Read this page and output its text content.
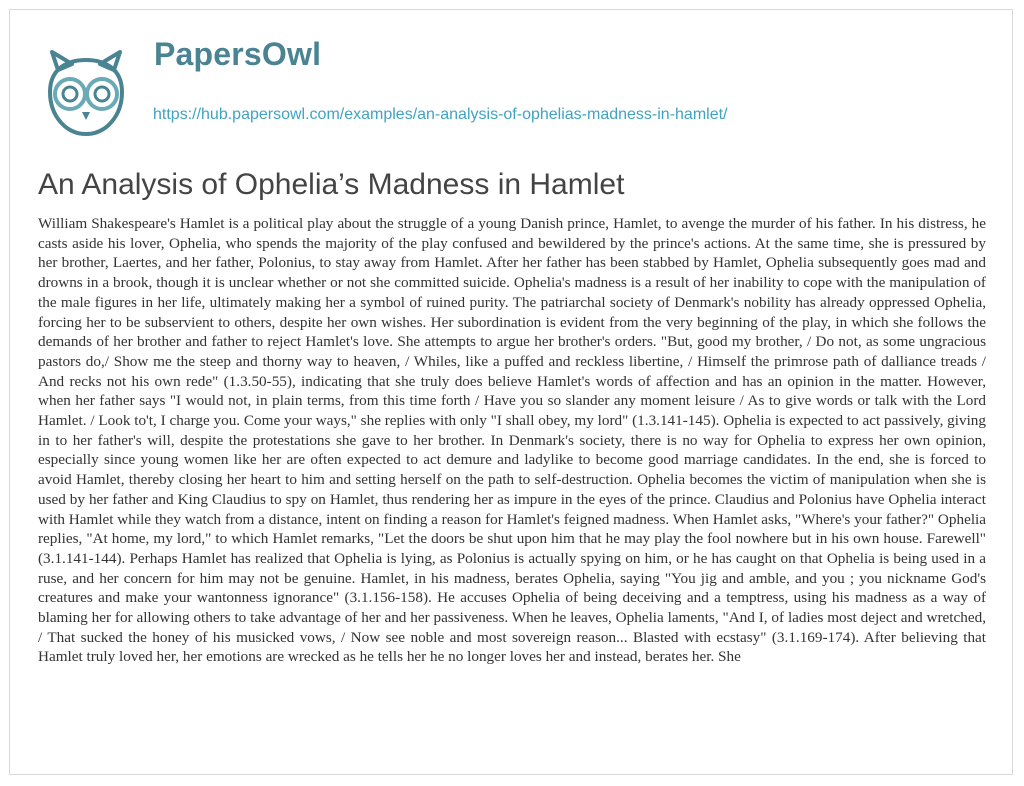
PapersOwl
https://hub.papersowl.com/examples/an-analysis-of-ophelias-madness-in-hamlet/
An Analysis of Ophelia’s Madness in Hamlet

William Shakespeare's Hamlet is a political play about the struggle of a young Danish prince, Hamlet, to avenge the murder of his father. In his distress, he casts aside his lover, Ophelia, who spends the majority of the play confused and bewildered by the prince's actions. At the same time, she is pressured by her brother, Laertes, and her father, Polonius, to stay away from Hamlet. After her father has been stabbed by Hamlet, Ophelia subsequently goes mad and drowns in a brook, though it is unclear whether or not she committed suicide. Ophelia's madness is a result of her inability to cope with the manipulation of the male figures in her life, ultimately making her a symbol of ruined purity. The patriarchal society of Denmark's nobility has already oppressed Ophelia, forcing her to be subservient to others, despite her own wishes. Her subordination is evident from the very beginning of the play, in which she follows the demands of her brother and father to reject Hamlet's love. She attempts to argue her brother's orders. "But, good my brother, / Do not, as some ungracious pastors do,/ Show me the steep and thorny way to heaven, / Whiles, like a puffed and reckless libertine, / Himself the primrose path of dalliance treads / And recks not his own rede" (1.3.50-55), indicating that she truly does believe Hamlet's words of affection and has an opinion in the matter. However, when her father says "I would not, in plain terms, from this time forth / Have you so slander any moment leisure / As to give words or talk with the Lord Hamlet. / Look to't, I charge you. Come your ways," she replies with only "I shall obey, my lord" (1.3.141-145). Ophelia is expected to act passively, giving in to her father's will, despite the protestations she gave to her brother. In Denmark's society, there is no way for Ophelia to express her own opinion, especially since young women like her are often expected to act demure and ladylike to become good marriage candidates. In the end, she is forced to avoid Hamlet, thereby closing her heart to him and setting herself on the path to self-destruction. Ophelia becomes the victim of manipulation when she is used by her father and King Claudius to spy on Hamlet, thus rendering her as impure in the eyes of the prince. Claudius and Polonius have Ophelia interact with Hamlet while they watch from a distance, intent on finding a reason for Hamlet's feigned madness. When Hamlet asks, "Where's your father?" Ophelia replies, "At home, my lord," to which Hamlet remarks, "Let the doors be shut upon him that he may play the fool nowhere but in his own house. Farewell" (3.1.141-144). Perhaps Hamlet has realized that Ophelia is lying, as Polonius is actually spying on him, or he has caught on that Ophelia is being used in a ruse, and her concern for him may not be genuine. Hamlet, in his madness, berates Ophelia, saying "You jig and amble, and you ; you nickname God's creatures and make your wantonness ignorance" (3.1.156-158). He accuses Ophelia of being deceiving and a temptress, using his madness as a way of blaming her for allowing others to take advantage of her and her passiveness. When he leaves, Ophelia laments, "And I, of ladies most deject and wretched, / That sucked the honey of his musicked vows, / Now see noble and most sovereign reason... Blasted with ecstasy" (3.1.169-174). After believing that Hamlet truly loved her, her emotions are wrecked as he tells her he no longer loves her and instead, berates her. She
